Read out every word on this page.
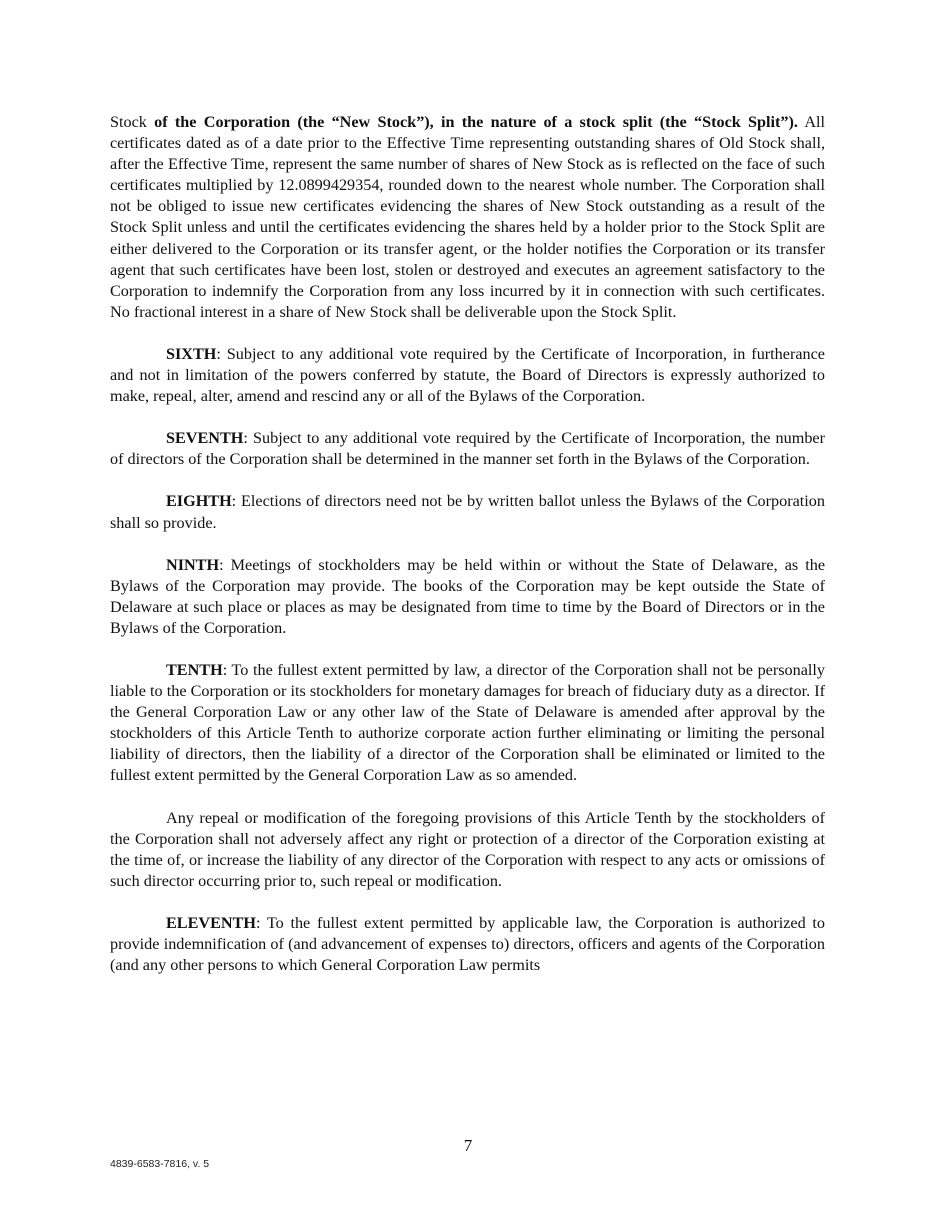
Stock of the Corporation (the “New Stock”), in the nature of a stock split (the “Stock Split”). All certificates dated as of a date prior to the Effective Time representing outstanding shares of Old Stock shall, after the Effective Time, represent the same number of shares of New Stock as is reflected on the face of such certificates multiplied by 12.0899429354, rounded down to the nearest whole number. The Corporation shall not be obliged to issue new certificates evidencing the shares of New Stock outstanding as a result of the Stock Split unless and until the certificates evidencing the shares held by a holder prior to the Stock Split are either delivered to the Corporation or its transfer agent, or the holder notifies the Corporation or its transfer agent that such certificates have been lost, stolen or destroyed and executes an agreement satisfactory to the Corporation to indemnify the Corporation from any loss incurred by it in connection with such certificates. No fractional interest in a share of New Stock shall be deliverable upon the Stock Split.

SIXTH: Subject to any additional vote required by the Certificate of Incorporation, in furtherance and not in limitation of the powers conferred by statute, the Board of Directors is expressly authorized to make, repeal, alter, amend and rescind any or all of the Bylaws of the Corporation.

SEVENTH: Subject to any additional vote required by the Certificate of Incorporation, the number of directors of the Corporation shall be determined in the manner set forth in the Bylaws of the Corporation.

EIGHTH: Elections of directors need not be by written ballot unless the Bylaws of the Corporation shall so provide.

NINTH: Meetings of stockholders may be held within or without the State of Delaware, as the Bylaws of the Corporation may provide. The books of the Corporation may be kept outside the State of Delaware at such place or places as may be designated from time to time by the Board of Directors or in the Bylaws of the Corporation.

TENTH: To the fullest extent permitted by law, a director of the Corporation shall not be personally liable to the Corporation or its stockholders for monetary damages for breach of fiduciary duty as a director. If the General Corporation Law or any other law of the State of Delaware is amended after approval by the stockholders of this Article Tenth to authorize corporate action further eliminating or limiting the personal liability of directors, then the liability of a director of the Corporation shall be eliminated or limited to the fullest extent permitted by the General Corporation Law as so amended.

Any repeal or modification of the foregoing provisions of this Article Tenth by the stockholders of the Corporation shall not adversely affect any right or protection of a director of the Corporation existing at the time of, or increase the liability of any director of the Corporation with respect to any acts or omissions of such director occurring prior to, such repeal or modification.

ELEVENTH: To the fullest extent permitted by applicable law, the Corporation is authorized to provide indemnification of (and advancement of expenses to) directors, officers and agents of the Corporation (and any other persons to which General Corporation Law permits

7
4839-6583-7816, v. 5
